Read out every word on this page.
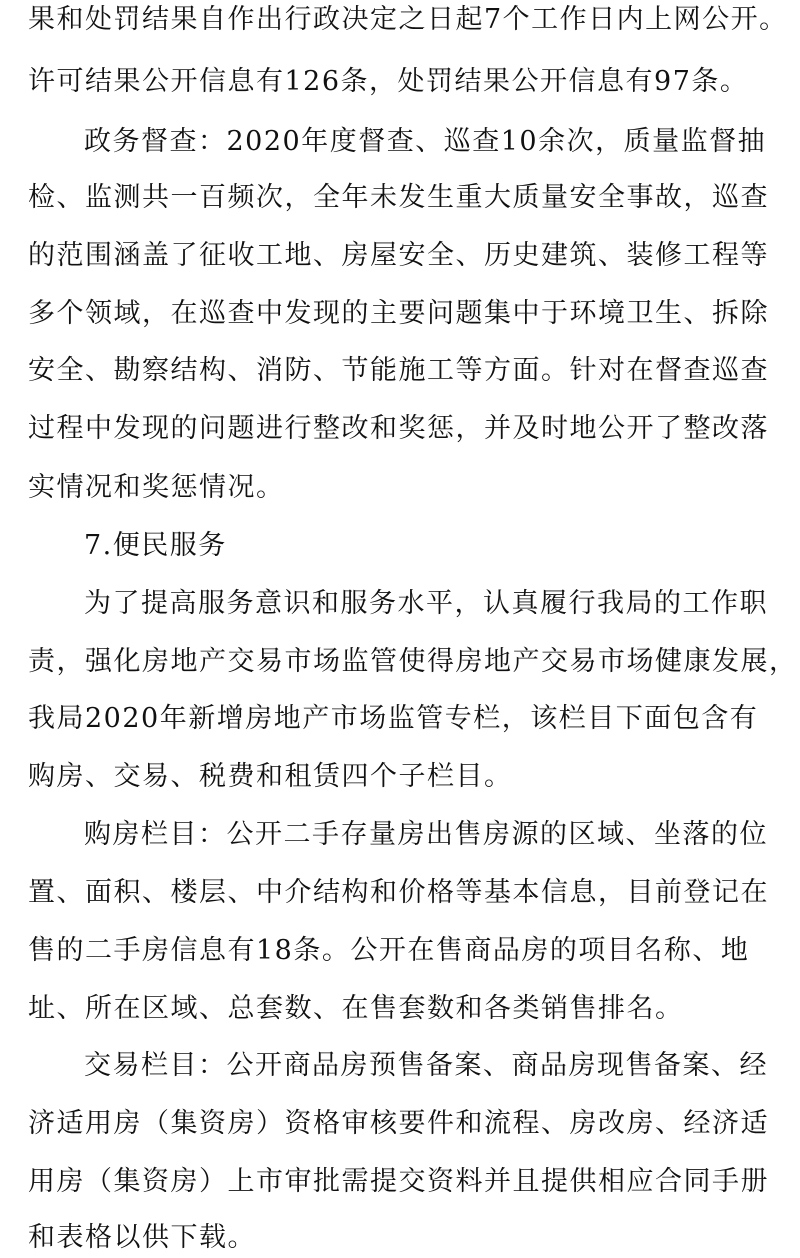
果和处罚结果自作出行政决定之日起7个工作日内上网公开。
许可结果公开信息有126条，处罚结果公开信息有97条。
政务督查：2020年度督查、巡查10余次，质量监督抽
检、监测共一百频次，全年未发生重大质量安全事故，巡查
的范围涵盖了征收工地、房屋安全、历史建筑、装修工程等
多个领域，在巡查中发现的主要问题集中于环境卫生、拆除
安全、勘察结构、消防、节能施工等方面。针对在督查巡查
过程中发现的问题进行整改和奖惩，并及时地公开了整改落
实情况和奖惩情况。
7.便民服务
为了提高服务意识和服务水平，认真履行我局的工作职
责，强化房地产交易市场监管使得房地产交易市场健康发展，
我局2020年新增房地产市场监管专栏，该栏目下面包含有
购房、交易、税费和租赁四个子栏目。
购房栏目：公开二手存量房出售房源的区域、坐落的位
置、面积、楼层、中介结构和价格等基本信息，目前登记在
售的二手房信息有18条。公开在售商品房的项目名称、地
址、所在区域、总套数、在售套数和各类销售排名。
交易栏目：公开商品房预售备案、商品房现售备案、经
济适用房（集资房）资格审核要件和流程、房改房、经济适
用房（集资房）上市审批需提交资料并且提供相应合同手册
和表格以供下载。
